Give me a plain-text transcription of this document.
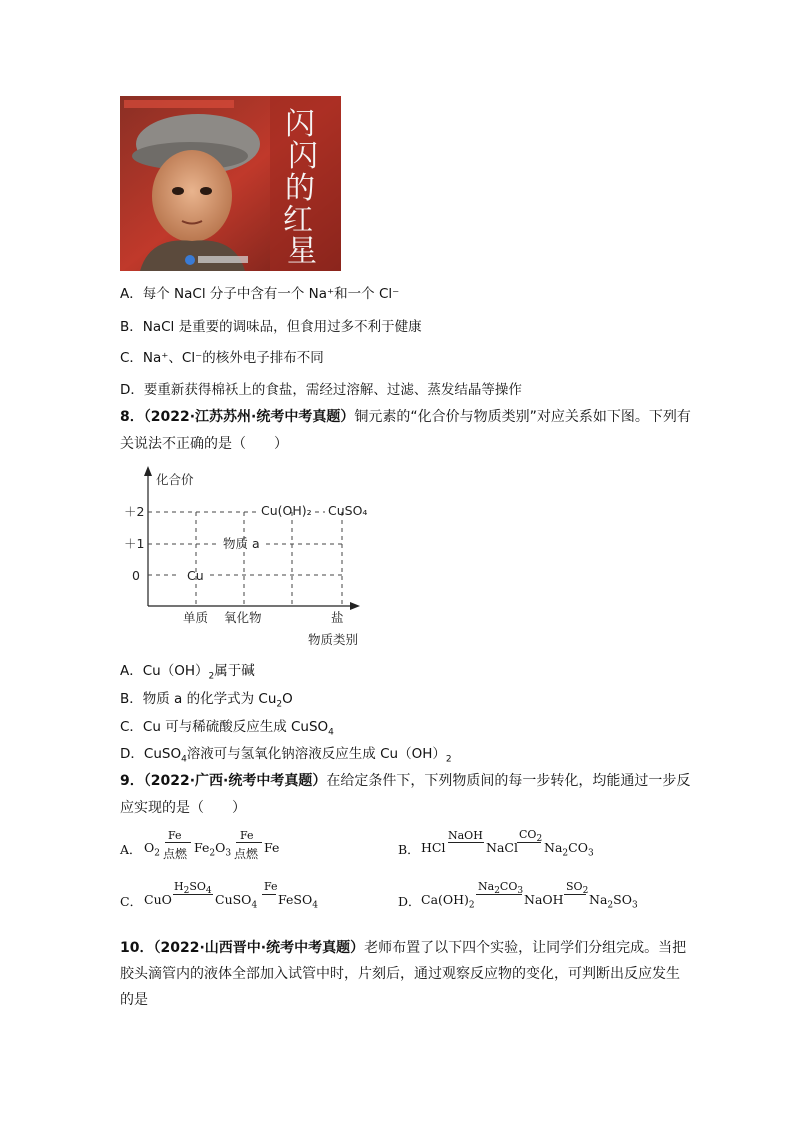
闪
闪
的
红
星
A．每个 NaCl 分子中含有一个 Na⁺和一个 Cl⁻
B．NaCl 是重要的调味品，但食用过多不利于健康
C．Na⁺、Cl⁻的核外电子排布不同
D．要重新获得棉袄上的食盐，需经过溶解、过滤、蒸发结晶等操作
8．（2022·江苏苏州·统考中考真题）铜元素的“化合价与物质类别”对应关系如下图。下列有
关说法不正确的是（　　）
化合价
＋2
＋1
0	Cu
物质 a
Cu(OH)₂ CuSO₄
单质 氧化物	盐
物质类别
A．$Cu(OH)_2$属于碱
B．物质 a 的化学式为 $Cu_2O$
C．Cu 可与稀硫酸反应生成 CuSO$_4$
D．CuSO$_4$溶液可与氢氧化钠溶液反应生成 $Cu(OH)_2$
9．（2022·广西·统考中考真题）在给定条件下，下列物质间的每一步转化，均能通过一步反
应实现的是（　　）
A． $O_2$
Fe
点燃 $Fe_2O_3$
Fe
点燃 Fe	B． HCl
NaOH
NaCl
$CO_2$
$Na_2CO_3$
C． CuO
$H_2SO_4$
CuSO$_4$
Fe
FeSO$_4$	D． $Ca(OH)_2$
$Na_2CO_3$
NaOH
$SO_2$
$Na_2SO_3$
10．（2022·山西晋中·统考中考真题）老师布置了以下四个实验，让同学们分组完成。当把
胶头滴管内的液体全部加入试管中时，片刻后，通过观察反应物的变化，可判断出反应发生
的是
